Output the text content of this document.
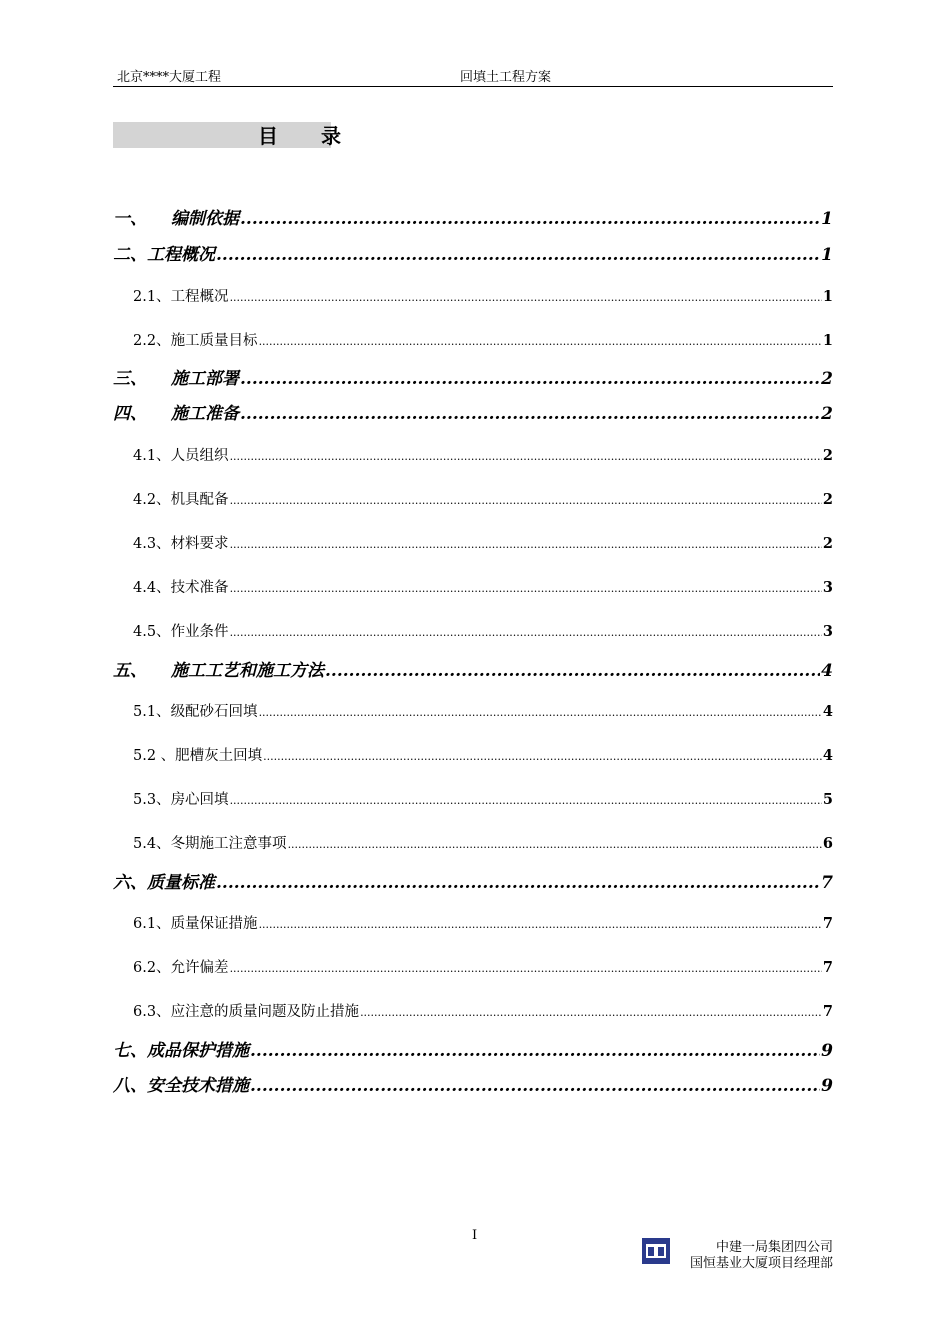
北京****大厦工程	回填土工程方案
目 录
一、	编制依据 .....	1
二、 工程概况 .....	1
2.1、 工程概况 .....	1
2.2、 施工质量目标 .....	1
三、	施工部署 .....	2
四、	施工准备 .....	2
4.1、 人员组织 .....	2
4.2、 机具配备 .....	2
4.3、 材料要求 .....	2
4.4、 技术准备 .....	3
4.5、 作业条件 .....	3
五、	施工工艺和施工方法 .....	4
5.1、 级配砂石回填 .....	4
5.2 、 肥槽灰土回填 .....	4
5.3、 房心回填 .....	5
5.4、 冬期施工注意事项 .....	6
六、 质量标准 .....	7
6.1、 质量保证措施 .....	7
6.2、 允许偏差 .....	7
6.3、 应注意的质量问题及防止措施 .....	7
七、 成品保护措施 .....	9
八、 安全技术措施 .....	9
I
中建一局集团四公司
国恒基业大厦项目经理部
